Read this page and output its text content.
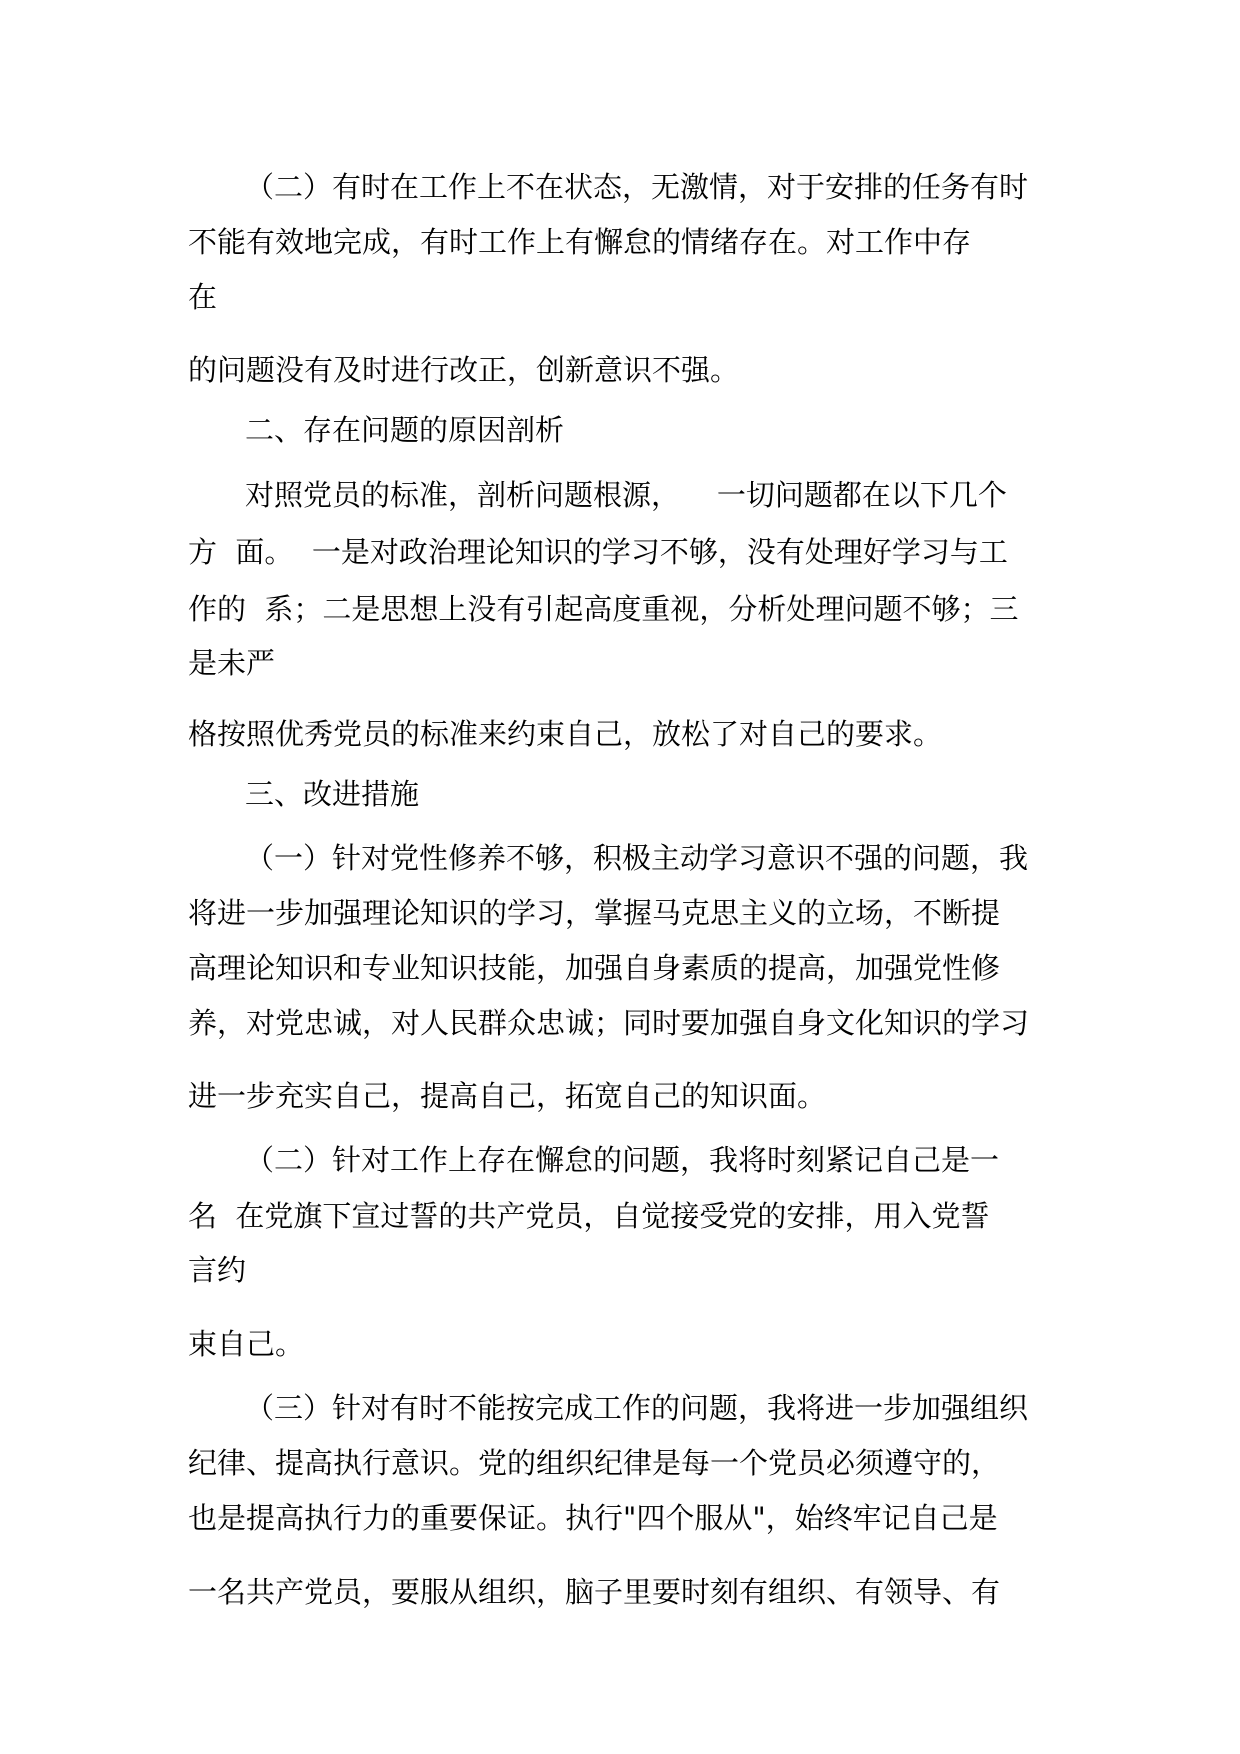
（二）有时在工作上不在状态，无激情，对于安排的任务有时

不能有效地完成，有时工作上有懈怠的情绪存在。对工作中存

在

的问题没有及时进行改正，创新意识不强。

二、存在问题的原因剖析

对照党员的标准，剖析问题根源，    一切问题都在以下几个

方  面。  一是对政治理论知识的学习不够，没有处理好学习与工

作的  系；二是思想上没有引起高度重视，分析处理问题不够；三

是未严

格按照优秀党员的标准来约束自己，放松了对自己的要求。

三、改进措施

（一）针对党性修养不够，积极主动学习意识不强的问题，我

将进一步加强理论知识的学习，掌握马克思主义的立场，不断提

高理论知识和专业知识技能，加强自身素质的提高，加强党性修

养，对党忠诚，对人民群众忠诚；同时要加强自身文化知识的学习

进一步充实自己，提高自己，拓宽自己的知识面。

（二）针对工作上存在懈怠的问题，我将时刻紧记自己是一

名  在党旗下宣过誓的共产党员，自觉接受党的安排，用入党誓

言约

束自己。

（三）针对有时不能按完成工作的问题，我将进一步加强组织

纪律、提高执行意识。党的组织纪律是每一个党员必须遵守的，

也是提高执行力的重要保证。执行"四个服从"，始终牢记自己是

一名共产党员，要服从组织，脑子里要时刻有组织、有领导、有
